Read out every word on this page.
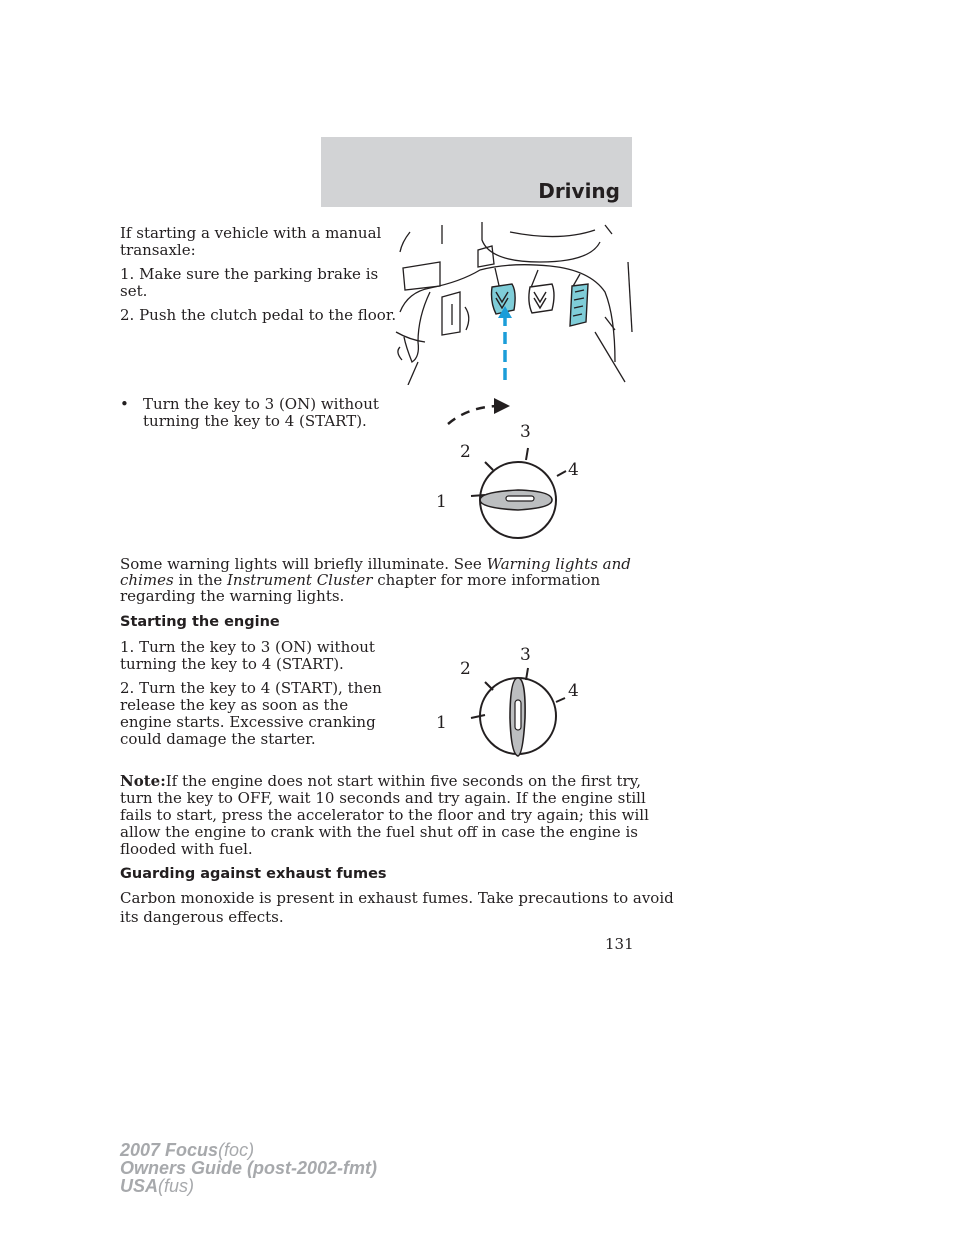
Driving

If starting a vehicle with a manual

transaxle:

1. Make sure the parking brake is

set.

2. Push the clutch pedal to the floor.

• Turn the key to 3 (ON) without

turning the key to 4 (START).

1
2
3
4

Some warning lights will briefly illuminate. See Warning lights and

chimes in the Instrument Cluster chapter for more information

regarding the warning lights.

Starting the engine

1. Turn the key to 3 (ON) without

turning the key to 4 (START).

2. Turn the key to 4 (START), then

release the key as soon as the

engine starts. Excessive cranking

could damage the starter.

1
2
3
4

Note:If the engine does not start within five seconds on the first try,

turn the key to OFF, wait 10 seconds and try again. If the engine still

fails to start, press the accelerator to the floor and try again; this will

allow the engine to crank with the fuel shut off in case the engine is

flooded with fuel.

Guarding against exhaust fumes

Carbon monoxide is present in exhaust fumes. Take precautions to avoid

its dangerous effects.

131
2007 Focus(foc)
Owners Guide (post-2002-fmt)
USA(fus)
